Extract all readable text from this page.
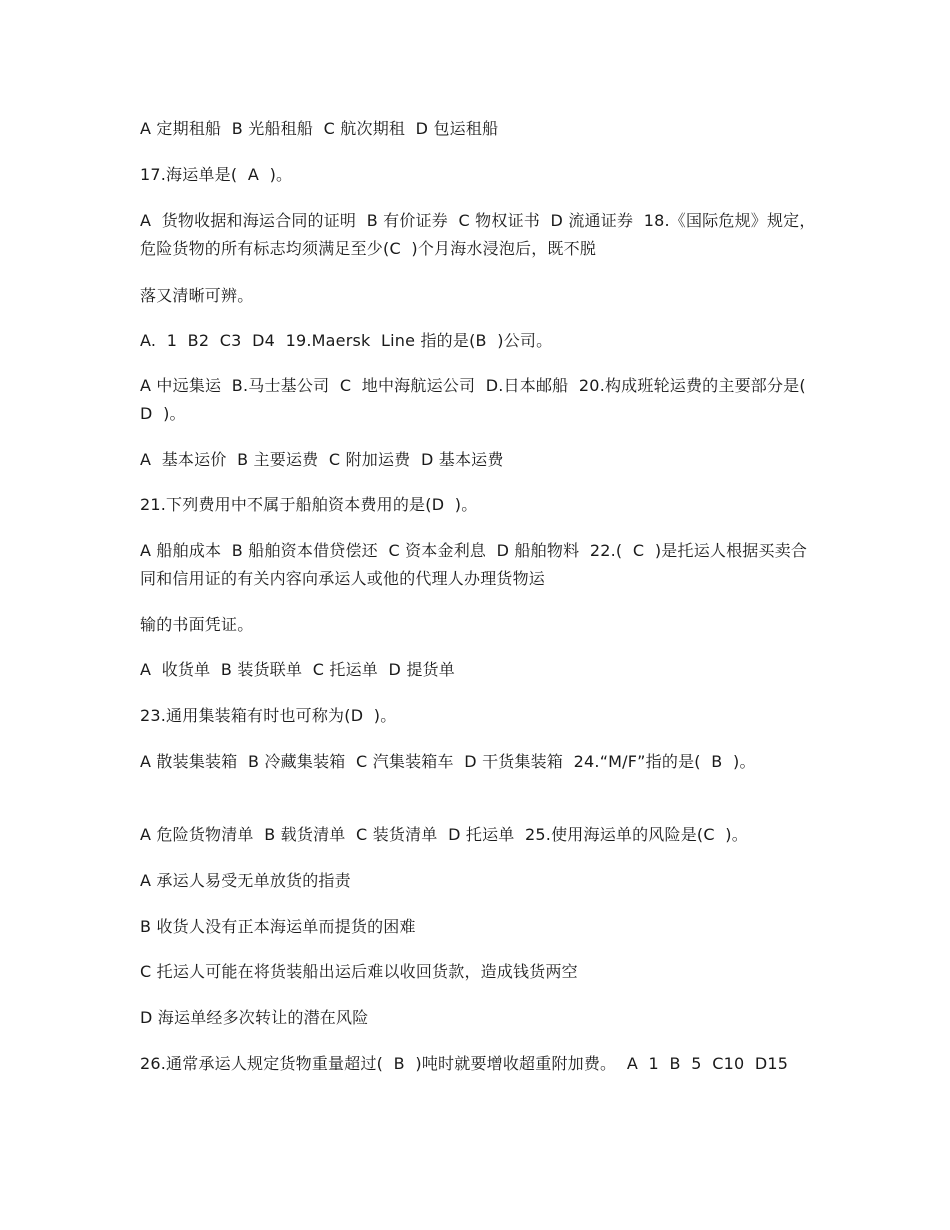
A 定期租船  B 光船租船  C 航次期租  D 包运租船
17.海运单是(  A  )。
A  货物收据和海运合同的证明  B 有价证券  C 物权证书  D 流通证券  18.《国际危规》规定，危险货物的所有标志均须满足至少(C  )个月海水浸泡后，既不脱
落又清晰可辨。
A.  1  B2  C3  D4  19.Maersk  Line 指的是(B  )公司。
A 中远集运  B.马士基公司  C  地中海航运公司  D.日本邮船  20.构成班轮运费的主要部分是(  D  )。
A  基本运价  B 主要运费  C 附加运费  D 基本运费
21.下列费用中不属于船舶资本费用的是(D  )。
A 船舶成本  B 船舶资本借贷偿还  C 资本金利息  D 船舶物料  22.(  C  )是托运人根据买卖合同和信用证的有关内容向承运人或他的代理人办理货物运
输的书面凭证。
A  收货单  B 装货联单  C 托运单  D 提货单
23.通用集装箱有时也可称为(D  )。
A 散装集装箱  B 冷藏集装箱  C 汽集装箱车  D 干货集装箱  24.“M/F”指的是(  B  )。
A 危险货物清单  B 载货清单  C 装货清单  D 托运单  25.使用海运单的风险是(C  )。
A 承运人易受无单放货的指责
B 收货人没有正本海运单而提货的困难
C 托运人可能在将货装船出运后难以收回货款，造成钱货两空
D 海运单经多次转让的潜在风险
26.通常承运人规定货物重量超过(  B  )吨时就要增收超重附加费。  A  1  B  5  C10  D15
